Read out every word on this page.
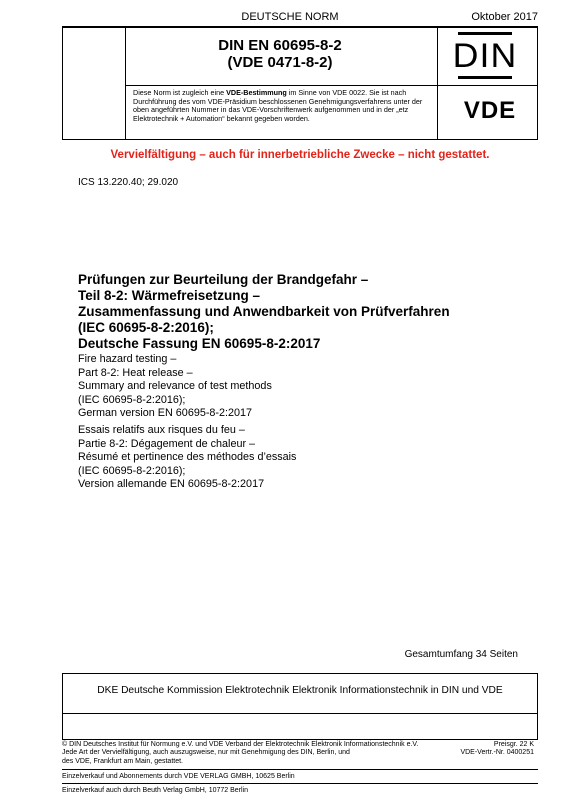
DEUTSCHE NORM	Oktober 2017
DIN EN 60695-8-2
(VDE 0471-8-2)
Diese Norm ist zugleich eine VDE-Bestimmung im Sinne von VDE 0022. Sie ist nach Durchführung des vom VDE-Präsidium beschlossenen Genehmigungsverfahrens unter der oben angeführten Nummer in das VDE-Vorschriftenwerk aufgenommen und in der „etz Elektrotechnik + Automation“ bekannt gegeben worden.
DIN
VDE
Vervielfältigung – auch für innerbetriebliche Zwecke – nicht gestattet.
ICS 13.220.40; 29.020
Prüfungen zur Beurteilung der Brandgefahr –
Teil 8-2: Wärmefreisetzung –
Zusammenfassung und Anwendbarkeit von Prüfverfahren
(IEC 60695-8-2:2016);
Deutsche Fassung EN 60695-8-2:2017
Fire hazard testing –
Part 8-2: Heat release –
Summary and relevance of test methods
(IEC 60695-8-2:2016);
German version EN 60695-8-2:2017
Essais relatifs aux risques du feu –
Partie 8-2: Dégagement de chaleur –
Résumé et pertinence des méthodes d’essais
(IEC 60695-8-2:2016);
Version allemande EN 60695-8-2:2017
Gesamtumfang 34 Seiten
DKE Deutsche Kommission Elektrotechnik Elektronik Informationstechnik in DIN und VDE
© DIN Deutsches Institut für Normung e.V. und VDE Verband der Elektrotechnik Elektronik Informationstechnik e.V.
Jede Art der Vervielfältigung, auch auszugsweise, nur mit Genehmigung des DIN, Berlin, und
des VDE, Frankfurt am Main, gestattet.
Preisgr. 22 K
VDE-Vertr.-Nr. 0400251
Einzelverkauf und Abonnements durch VDE VERLAG GMBH, 10625 Berlin
Einzelverkauf auch durch Beuth Verlag GmbH, 10772 Berlin
